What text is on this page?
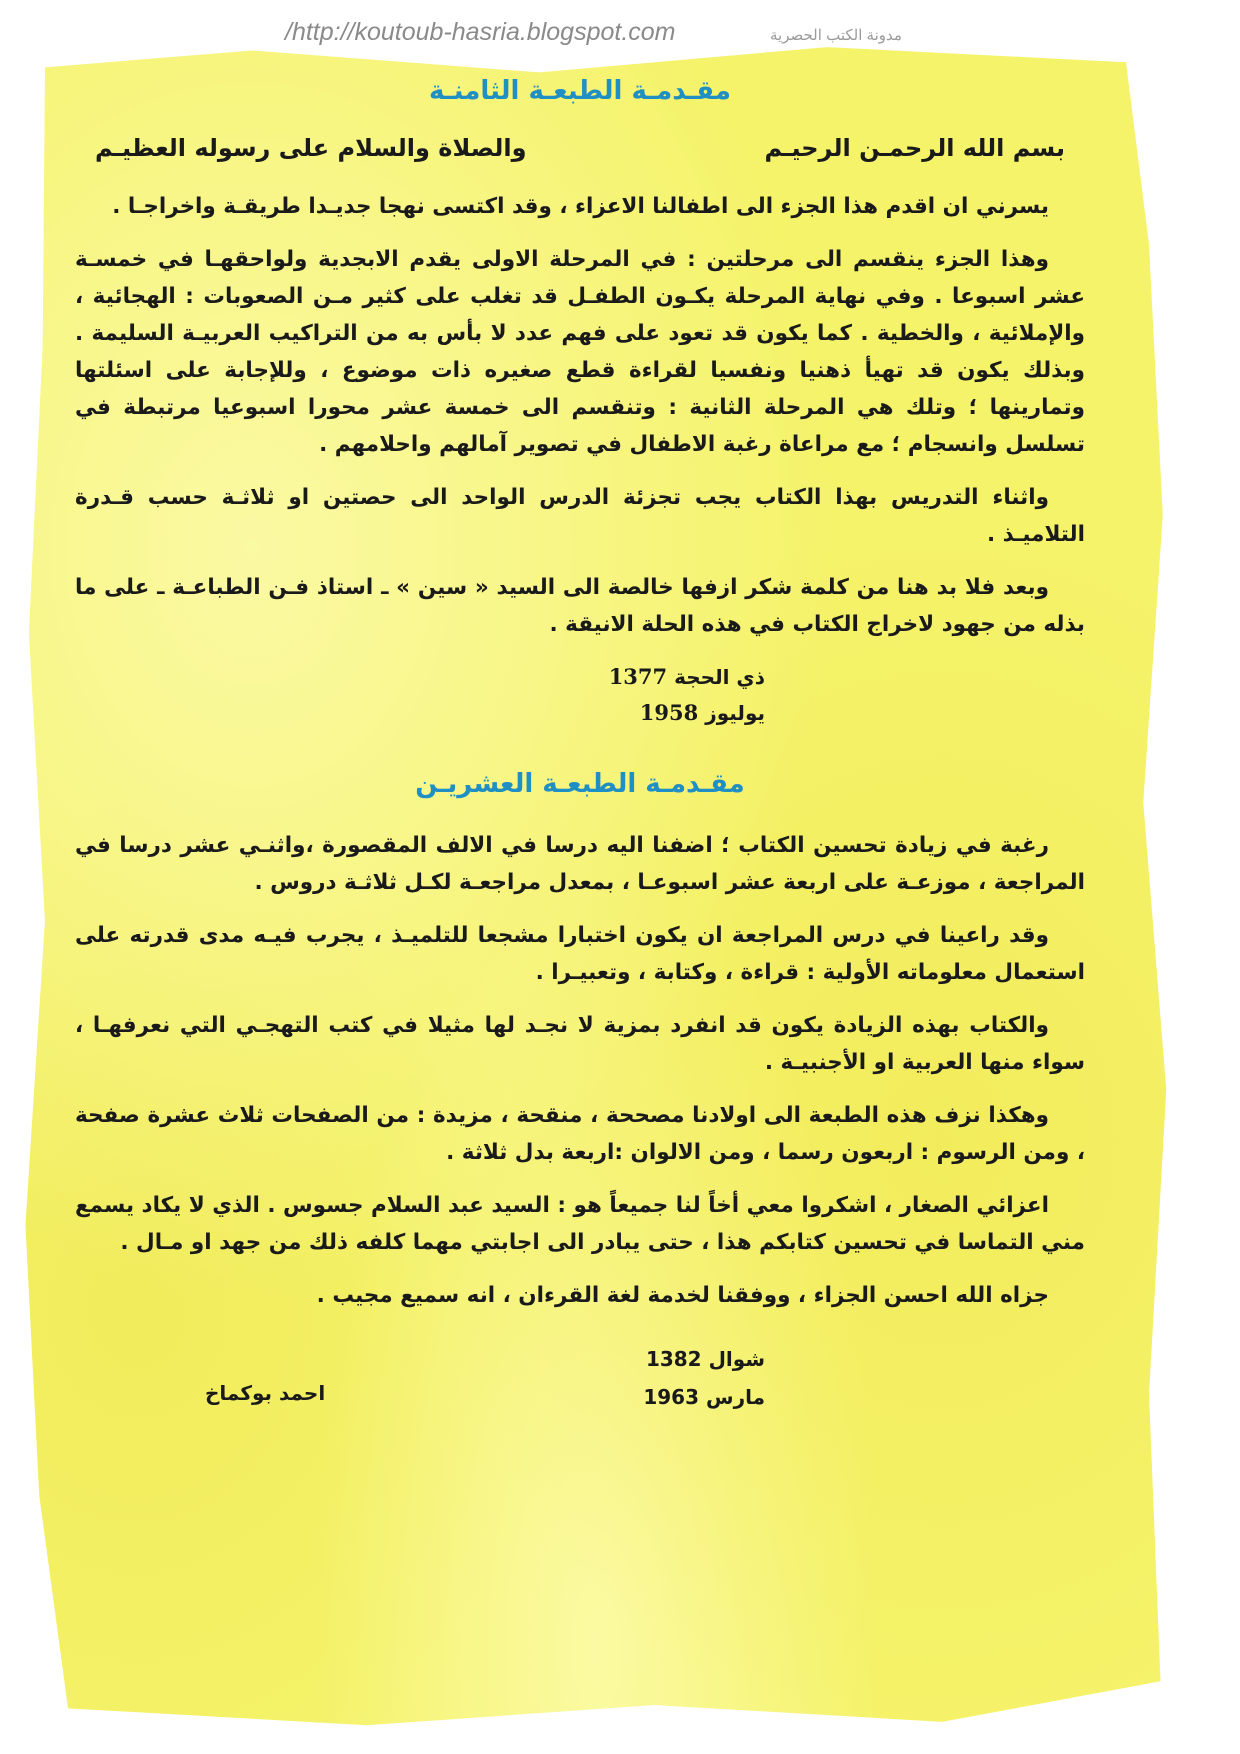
/http://koutoub-hasria.blogspot.com	مدونة الكتب الحصرية
مقـدمـة الطبعـة الثامنـة
بسم الله الرحمـن الرحيـم
والصلاة والسلام على رسوله العظيـم

يسرني ان اقدم هذا الجزء الى اطفالنا الاعزاء ، وقد اكتسى نهجا جديـدا طريقـة واخراجـا .

وهذا الجزء ينقسم الى مرحلتين : في المرحلة الاولى يقدم الابجدية ولواحقهـا في خمسـة عشر اسبوعا . وفي نهاية المرحلة يكـون الطفـل قد تغلب على كثير مـن الصعوبات : الهجائية ، والإملائية ، والخطية . كما يكون قد تعود على فهم عدد لا بأس به من التراكيب العربيـة السليمة . وبذلك يكون قد تهيأ ذهنيا ونفسيا لقراءة قطع صغيره ذات موضوع ، وللإجابة على اسئلتها وتمارينها ؛ وتلك هي المرحلة الثانية : وتنقسم الى خمسة عشر محورا اسبوعيا مرتبطة في تسلسل وانسجام ؛ مع مراعاة رغبة الاطفال في تصوير آمالهم واحلامهم .

واثناء التدريس بهذا الكتاب يجب تجزئة الدرس الواحد الى حصتين او ثلاثـة حسب قـدرة التلاميـذ .

وبعد فلا بد هنا من كلمة شكر ازفها خالصة الى السيد « سين » ـ استاذ فـن الطباعـة ـ على ما بذله من جهود لاخراج الكتاب في هذه الحلة الانيقة .

ذي الحجة 1377
يوليوز 1958
مقـدمـة الطبعـة العشريـن

رغبة في زيادة تحسين الكتاب ؛ اضفنا اليه درسا في الالف المقصورة ،واثنـي عشر درسا في المراجعة ، موزعـة على اربعة عشر اسبوعـا ، بمعدل مراجعـة لكـل ثلاثـة دروس .

وقد راعينا في درس المراجعة ان يكون اختبارا مشجعا للتلميـذ ، يجرب فيـه مدى قدرته على استعمال معلوماته الأولية : قراءة ، وكتابة ، وتعبيـرا .

والكتاب بهذه الزيادة يكون قد انفرد بمزية لا نجـد لها مثيلا في كتب التهجـي التي نعرفهـا ، سواء منها العربية او الأجنبيـة .

وهكذا نزف هذه الطبعة الى اولادنا مصححة ، منقحة ، مزيدة : من الصفحات ثلاث عشرة صفحة ، ومن الرسوم : اربعون رسما ، ومن الالوان :اربعة بدل ثلاثة .

اعزائي الصغار ، اشكروا معي أخاً لنا جميعاً هو : السيد عبد السلام جسوس . الذي لا يكاد يسمع مني التماسا في تحسين كتابكم هذا ، حتى يبادر الى اجابتي مهما كلفه ذلك من جهد او مـال .

جزاه الله احسن الجزاء ، ووفقنا لخدمة لغة القرءان ، انه سميع مجيب .

شوال 1382
مارس 1963
احمد بوكماخ
